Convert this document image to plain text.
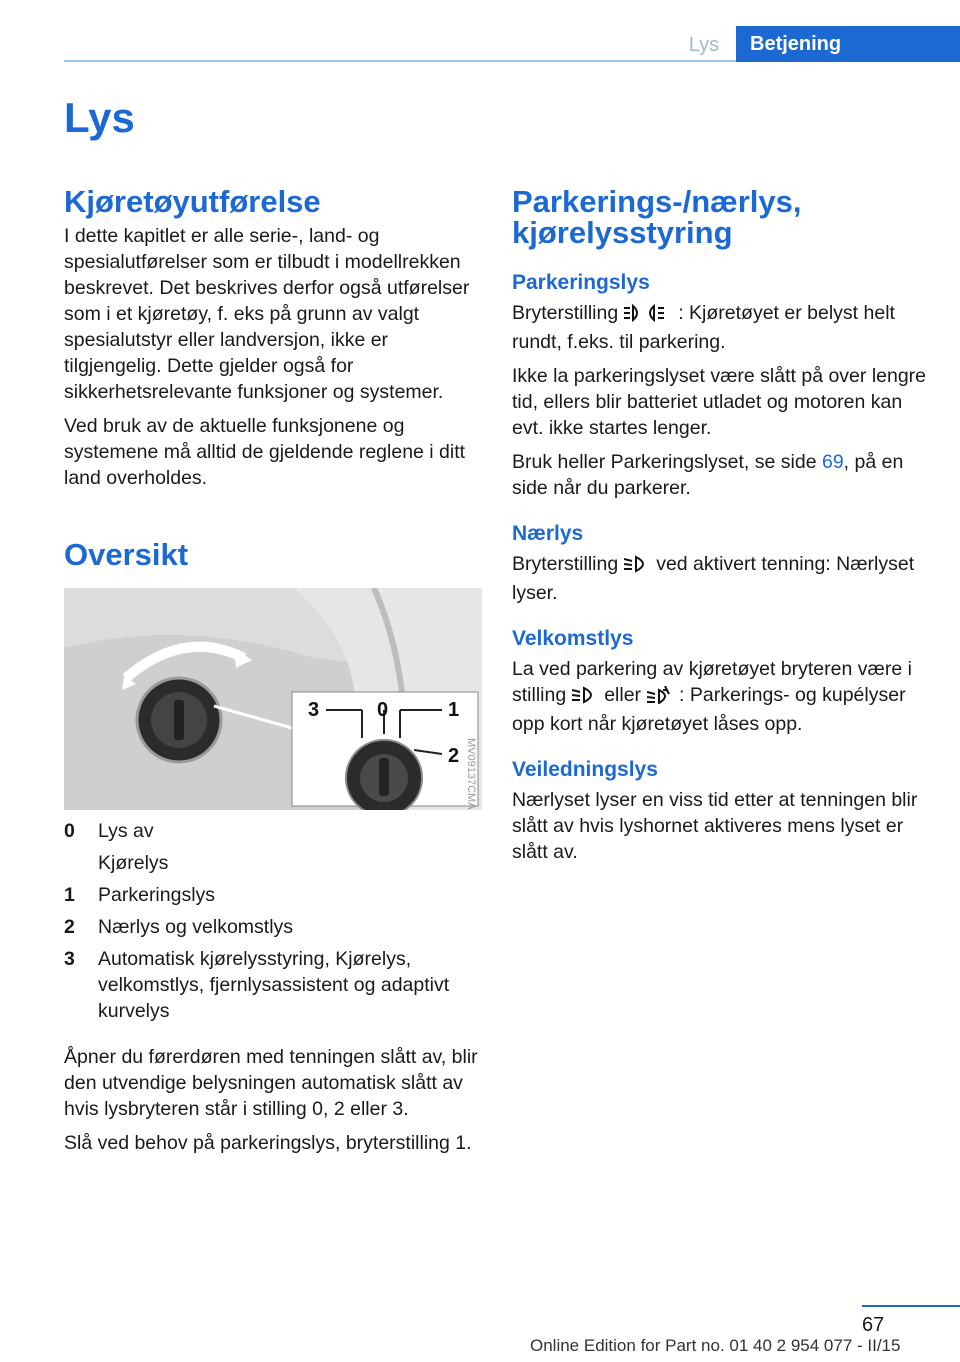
Lys	Betjening
Lys
Kjøretøyutførelse

I dette kapitlet er alle serie-, land- og spesialutførelser som er tilbudt i modellrekken beskrevet. Det beskrives derfor også utførelser som i et kjøretøy, f. eks på grunn av valgt spesialutstyr eller landversjon, ikke er tilgjengelig. Dette gjelder også for sikkerhetsrelevante funksjoner og systemer.

Ved bruk av de aktuelle funksjonene og systemene må alltid de gjeldende reglene i ditt land overholdes.

Oversikt
3	0	1
2 MV09137CMA
0	Lys av
Kjørelys
1	Parkeringslys
2	Nærlys og velkomstlys
3	Automatisk kjørelysstyring, Kjørelys, velkomstlys, fjernlysassistent og adaptivt kurvelys

Åpner du førerdøren med tenningen slått av, blir den utvendige belysningen automatisk slått av hvis lysbryteren står i stilling 0, 2 eller 3.

Slå ved behov på parkeringslys, bryterstilling 1.

Parkerings-/nærlys, kjørelysstyring
Parkeringslys

Bryterstilling	: Kjøretøyet er belyst helt rundt, f.eks. til parkering.

Ikke la parkeringslyset være slått på over lengre tid, ellers blir batteriet utladet og motoren kan evt. ikke startes lenger.

Bruk heller Parkeringslyset, se side 69, på en side når du parkerer.

Nærlys

Bryterstilling ved aktivert tenning: Nærlyset lyser.

Velkomstlys

La ved parkering av kjøretøyet bryteren være i stilling eller : Parkerings- og kupélyser opp kort når kjøretøyet låses opp.

Veiledningslys

Nærlyset lyser en viss tid etter at tenningen blir slått av hvis lyshornet aktiveres mens lyset er slått av.

67
Online Edition for Part no. 01 40 2 954 077 - II/15
